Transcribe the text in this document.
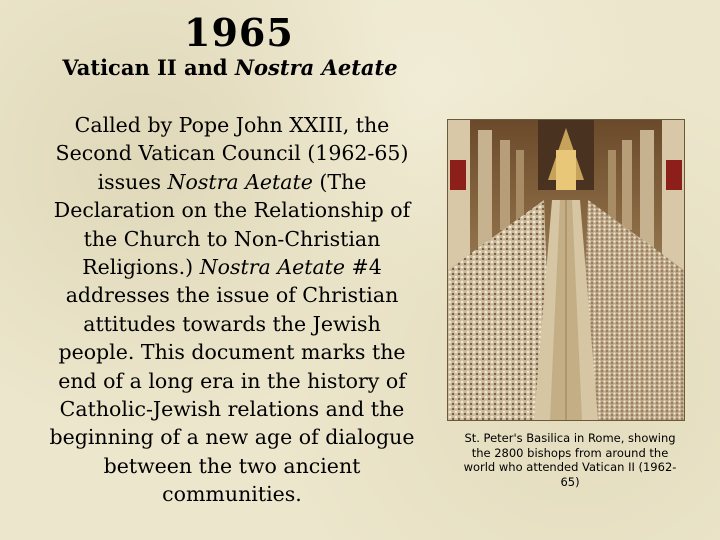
1965
Vatican II and Nostra Aetate
Called by Pope John XXIII, the Second Vatican Council (1962-65) issues Nostra Aetate (The Declaration on the Relationship of the Church to Non-Christian Religions.) Nostra Aetate #4 addresses the issue of Christian attitudes towards the Jewish people. This document marks the end of a long era in the history of Catholic-Jewish relations and the beginning of a new age of dialogue between the two ancient communities.
St. Peter's Basilica in Rome, showing the 2800 bishops from around the world who attended Vatican II (1962-65)
